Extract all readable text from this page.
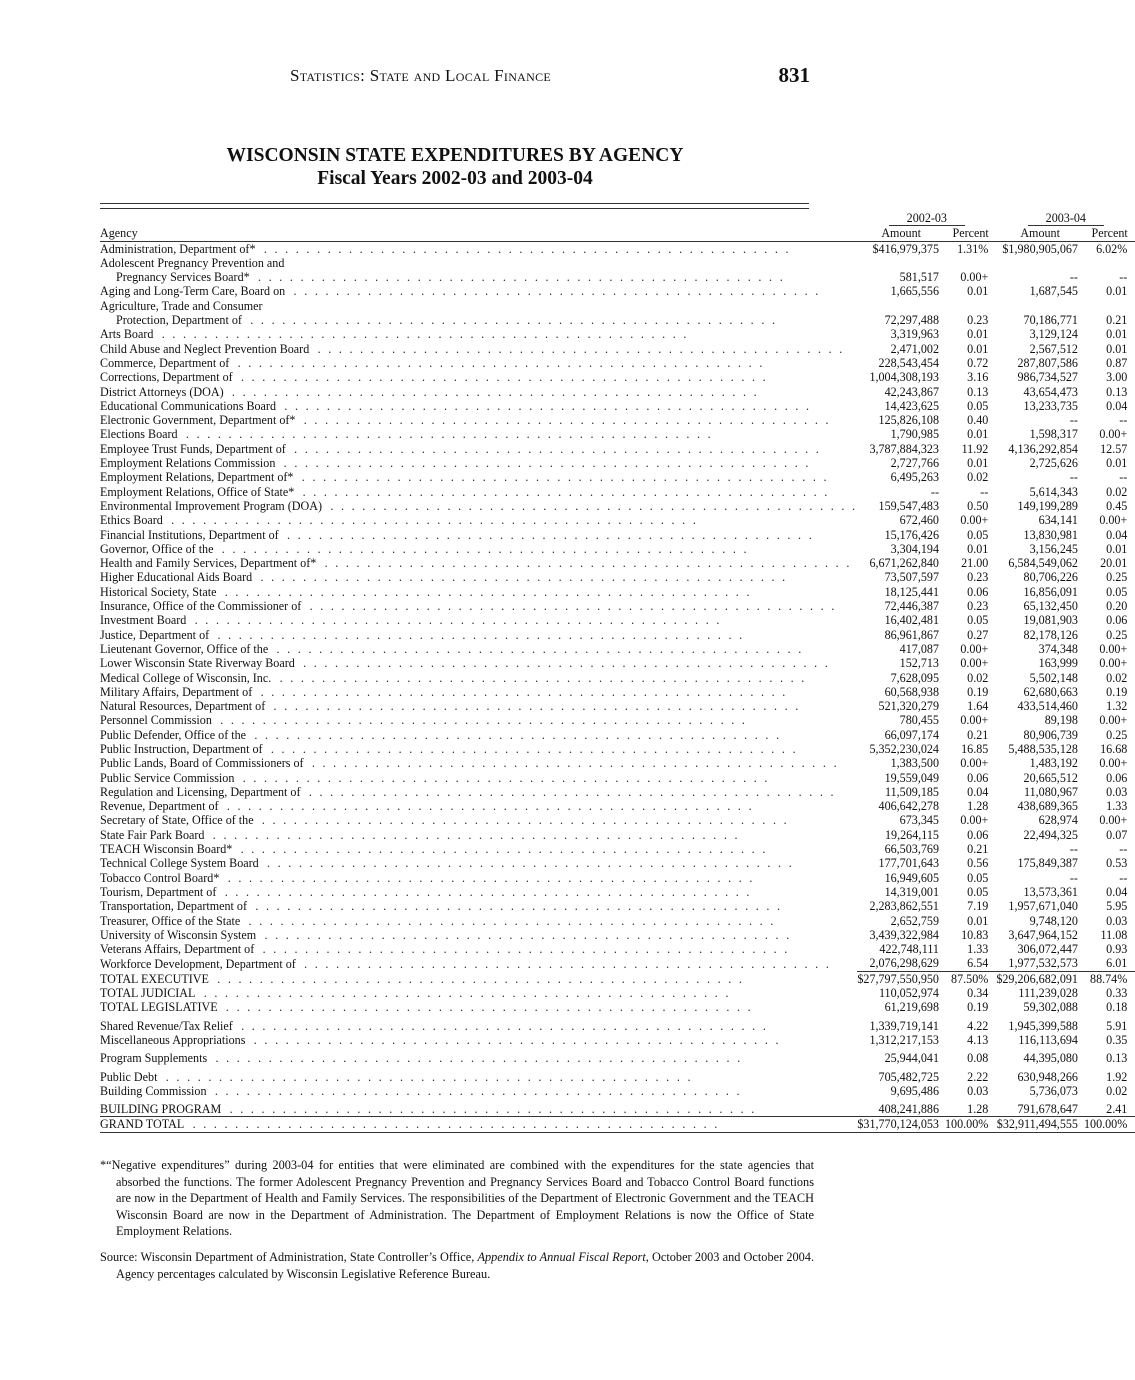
Statistics: State and Local Finance	831
WISCONSIN STATE EXPENDITURES BY AGENCY
Fiscal Years 2002-03 and 2003-04
	2002-03		2003-04	
Agency	Amount	Percent	Amount	Percent

Administration, Department of* . . . . . . . . . . . . . . . . . . . . . . . . . . . . . . . . . . . . . . . . . . . . . . . . . .	$416,979,375	1.31%	$1,980,905,067	6.02%

Adolescent Pregnancy Prevention and				

Pregnancy Services Board* . . . . . . . . . . . . . . . . . . . . . . . . . . . . . . . . . . . . . . . . . . . . . . . . . .	581,517	0.00+	--	--

Aging and Long-Term Care, Board on . . . . . . . . . . . . . . . . . . . . . . . . . . . . . . . . . . . . . . . . . . . . . . . . . .	1,665,556	0.01	1,687,545	0.01

Agriculture, Trade and Consumer				

Protection, Department of . . . . . . . . . . . . . . . . . . . . . . . . . . . . . . . . . . . . . . . . . . . . . . . . . .	72,297,488	0.23	70,186,771	0.21

Arts Board . . . . . . . . . . . . . . . . . . . . . . . . . . . . . . . . . . . . . . . . . . . . . . . . . .	3,319,963	0.01	3,129,124	0.01

Child Abuse and Neglect Prevention Board . . . . . . . . . . . . . . . . . . . . . . . . . . . . . . . . . . . . . . . . . . . . . . . . . .	2,471,002	0.01	2,567,512	0.01

Commerce, Department of . . . . . . . . . . . . . . . . . . . . . . . . . . . . . . . . . . . . . . . . . . . . . . . . . .	228,543,454	0.72	287,807,586	0.87

Corrections, Department of . . . . . . . . . . . . . . . . . . . . . . . . . . . . . . . . . . . . . . . . . . . . . . . . . .	1,004,308,193	3.16	986,734,527	3.00

District Attorneys (DOA) . . . . . . . . . . . . . . . . . . . . . . . . . . . . . . . . . . . . . . . . . . . . . . . . . .	42,243,867	0.13	43,654,473	0.13

Educational Communications Board . . . . . . . . . . . . . . . . . . . . . . . . . . . . . . . . . . . . . . . . . . . . . . . . . .	14,423,625	0.05	13,233,735	0.04

Electronic Government, Department of* . . . . . . . . . . . . . . . . . . . . . . . . . . . . . . . . . . . . . . . . . . . . . . . . . .	125,826,108	0.40	--	--

Elections Board . . . . . . . . . . . . . . . . . . . . . . . . . . . . . . . . . . . . . . . . . . . . . . . . . .	1,790,985	0.01	1,598,317	0.00+

Employee Trust Funds, Department of . . . . . . . . . . . . . . . . . . . . . . . . . . . . . . . . . . . . . . . . . . . . . . . . . .	3,787,884,323	11.92	4,136,292,854	12.57

Employment Relations Commission . . . . . . . . . . . . . . . . . . . . . . . . . . . . . . . . . . . . . . . . . . . . . . . . . .	2,727,766	0.01	2,725,626	0.01

Employment Relations, Department of* . . . . . . . . . . . . . . . . . . . . . . . . . . . . . . . . . . . . . . . . . . . . . . . . . .	6,495,263	0.02	--	--

Employment Relations, Office of State* . . . . . . . . . . . . . . . . . . . . . . . . . . . . . . . . . . . . . . . . . . . . . . . . . .	--	--	5,614,343	0.02

Environmental Improvement Program (DOA) . . . . . . . . . . . . . . . . . . . . . . . . . . . . . . . . . . . . . . . . . . . . . . . . . .	159,547,483	0.50	149,199,289	0.45

Ethics Board . . . . . . . . . . . . . . . . . . . . . . . . . . . . . . . . . . . . . . . . . . . . . . . . . .	672,460	0.00+	634,141	0.00+

Financial Institutions, Department of . . . . . . . . . . . . . . . . . . . . . . . . . . . . . . . . . . . . . . . . . . . . . . . . . .	15,176,426	0.05	13,830,981	0.04

Governor, Office of the . . . . . . . . . . . . . . . . . . . . . . . . . . . . . . . . . . . . . . . . . . . . . . . . . .	3,304,194	0.01	3,156,245	0.01

Health and Family Services, Department of* . . . . . . . . . . . . . . . . . . . . . . . . . . . . . . . . . . . . . . . . . . . . . . . . . .	6,671,262,840	21.00	6,584,549,062	20.01

Higher Educational Aids Board . . . . . . . . . . . . . . . . . . . . . . . . . . . . . . . . . . . . . . . . . . . . . . . . . .	73,507,597	0.23	80,706,226	0.25

Historical Society, State . . . . . . . . . . . . . . . . . . . . . . . . . . . . . . . . . . . . . . . . . . . . . . . . . .	18,125,441	0.06	16,856,091	0.05

Insurance, Office of the Commissioner of . . . . . . . . . . . . . . . . . . . . . . . . . . . . . . . . . . . . . . . . . . . . . . . . . .	72,446,387	0.23	65,132,450	0.20

Investment Board . . . . . . . . . . . . . . . . . . . . . . . . . . . . . . . . . . . . . . . . . . . . . . . . . .	16,402,481	0.05	19,081,903	0.06

Justice, Department of . . . . . . . . . . . . . . . . . . . . . . . . . . . . . . . . . . . . . . . . . . . . . . . . . .	86,961,867	0.27	82,178,126	0.25

Lieutenant Governor, Office of the . . . . . . . . . . . . . . . . . . . . . . . . . . . . . . . . . . . . . . . . . . . . . . . . . .	417,087	0.00+	374,348	0.00+

Lower Wisconsin State Riverway Board . . . . . . . . . . . . . . . . . . . . . . . . . . . . . . . . . . . . . . . . . . . . . . . . . .	152,713	0.00+	163,999	0.00+

Medical College of Wisconsin, Inc. . . . . . . . . . . . . . . . . . . . . . . . . . . . . . . . . . . . . . . . . . . . . . . . . . .	7,628,095	0.02	5,502,148	0.02

Military Affairs, Department of . . . . . . . . . . . . . . . . . . . . . . . . . . . . . . . . . . . . . . . . . . . . . . . . . .	60,568,938	0.19	62,680,663	0.19

Natural Resources, Department of . . . . . . . . . . . . . . . . . . . . . . . . . . . . . . . . . . . . . . . . . . . . . . . . . .	521,320,279	1.64	433,514,460	1.32

Personnel Commission . . . . . . . . . . . . . . . . . . . . . . . . . . . . . . . . . . . . . . . . . . . . . . . . . .	780,455	0.00+	89,198	0.00+

Public Defender, Office of the . . . . . . . . . . . . . . . . . . . . . . . . . . . . . . . . . . . . . . . . . . . . . . . . . .	66,097,174	0.21	80,906,739	0.25

Public Instruction, Department of . . . . . . . . . . . . . . . . . . . . . . . . . . . . . . . . . . . . . . . . . . . . . . . . . .	5,352,230,024	16.85	5,488,535,128	16.68

Public Lands, Board of Commissioners of . . . . . . . . . . . . . . . . . . . . . . . . . . . . . . . . . . . . . . . . . . . . . . . . . .	1,383,500	0.00+	1,483,192	0.00+

Public Service Commission . . . . . . . . . . . . . . . . . . . . . . . . . . . . . . . . . . . . . . . . . . . . . . . . . .	19,559,049	0.06	20,665,512	0.06

Regulation and Licensing, Department of . . . . . . . . . . . . . . . . . . . . . . . . . . . . . . . . . . . . . . . . . . . . . . . . . .	11,509,185	0.04	11,080,967	0.03

Revenue, Department of . . . . . . . . . . . . . . . . . . . . . . . . . . . . . . . . . . . . . . . . . . . . . . . . . .	406,642,278	1.28	438,689,365	1.33

Secretary of State, Office of the . . . . . . . . . . . . . . . . . . . . . . . . . . . . . . . . . . . . . . . . . . . . . . . . . .	673,345	0.00+	628,974	0.00+

State Fair Park Board . . . . . . . . . . . . . . . . . . . . . . . . . . . . . . . . . . . . . . . . . . . . . . . . . .	19,264,115	0.06	22,494,325	0.07

TEACH Wisconsin Board* . . . . . . . . . . . . . . . . . . . . . . . . . . . . . . . . . . . . . . . . . . . . . . . . . .	66,503,769	0.21	--	--

Technical College System Board . . . . . . . . . . . . . . . . . . . . . . . . . . . . . . . . . . . . . . . . . . . . . . . . . .	177,701,643	0.56	175,849,387	0.53

Tobacco Control Board* . . . . . . . . . . . . . . . . . . . . . . . . . . . . . . . . . . . . . . . . . . . . . . . . . .	16,949,605	0.05	--	--

Tourism, Department of . . . . . . . . . . . . . . . . . . . . . . . . . . . . . . . . . . . . . . . . . . . . . . . . . .	14,319,001	0.05	13,573,361	0.04

Transportation, Department of . . . . . . . . . . . . . . . . . . . . . . . . . . . . . . . . . . . . . . . . . . . . . . . . . .	2,283,862,551	7.19	1,957,671,040	5.95

Treasurer, Office of the State . . . . . . . . . . . . . . . . . . . . . . . . . . . . . . . . . . . . . . . . . . . . . . . . . .	2,652,759	0.01	9,748,120	0.03

University of Wisconsin System . . . . . . . . . . . . . . . . . . . . . . . . . . . . . . . . . . . . . . . . . . . . . . . . . .	3,439,322,984	10.83	3,647,964,152	11.08

Veterans Affairs, Department of . . . . . . . . . . . . . . . . . . . . . . . . . . . . . . . . . . . . . . . . . . . . . . . . . .	422,748,111	1.33	306,072,447	0.93

Workforce Development, Department of . . . . . . . . . . . . . . . . . . . . . . . . . . . . . . . . . . . . . . . . . . . . . . . . . .	2,076,298,629	6.54	1,977,532,573	6.01

TOTAL EXECUTIVE . . . . . . . . . . . . . . . . . . . . . . . . . . . . . . . . . . . . . . . . . . . . . . . . . .	$27,797,550,950	87.50%	$29,206,682,091	88.74%

TOTAL JUDICIAL . . . . . . . . . . . . . . . . . . . . . . . . . . . . . . . . . . . . . . . . . . . . . . . . . .	110,052,974	0.34	111,239,028	0.33

TOTAL LEGISLATIVE . . . . . . . . . . . . . . . . . . . . . . . . . . . . . . . . . . . . . . . . . . . . . . . . . .	61,219,698	0.19	59,302,088	0.18

Shared Revenue/Tax Relief . . . . . . . . . . . . . . . . . . . . . . . . . . . . . . . . . . . . . . . . . . . . . . . . . .	1,339,719,141	4.22	1,945,399,588	5.91

Miscellaneous Appropriations . . . . . . . . . . . . . . . . . . . . . . . . . . . . . . . . . . . . . . . . . . . . . . . . . .	1,312,217,153	4.13	116,113,694	0.35

Program Supplements . . . . . . . . . . . . . . . . . . . . . . . . . . . . . . . . . . . . . . . . . . . . . . . . . .	25,944,041	0.08	44,395,080	0.13

Public Debt . . . . . . . . . . . . . . . . . . . . . . . . . . . . . . . . . . . . . . . . . . . . . . . . . .	705,482,725	2.22	630,948,266	1.92

Building Commission . . . . . . . . . . . . . . . . . . . . . . . . . . . . . . . . . . . . . . . . . . . . . . . . . .	9,695,486	0.03	5,736,073	0.02

BUILDING PROGRAM . . . . . . . . . . . . . . . . . . . . . . . . . . . . . . . . . . . . . . . . . . . . . . . . . .	408,241,886	1.28	791,678,647	2.41

GRAND TOTAL . . . . . . . . . . . . . . . . . . . . . . . . . . . . . . . . . . . . . . . . . . . . . . . . . .	$31,770,124,053	100.00%	$32,911,494,555	100.00%

*“Negative expenditures” during 2003-04 for entities that were eliminated are combined with the expenditures for the state agencies that absorbed the functions. The former Adolescent Pregnancy Prevention and Pregnancy Services Board and Tobacco Control Board functions are now in the Department of Health and Family Services. The responsibilities of the Department of Electronic Government and the TEACH Wisconsin Board are now in the Department of Administration. The Department of Employment Relations is now the Office of State Employment Relations.

Source: Wisconsin Department of Administration, State Controller’s Office, Appendix to Annual Fiscal Report, October 2003 and October 2004. Agency percentages calculated by Wisconsin Legislative Reference Bureau.
